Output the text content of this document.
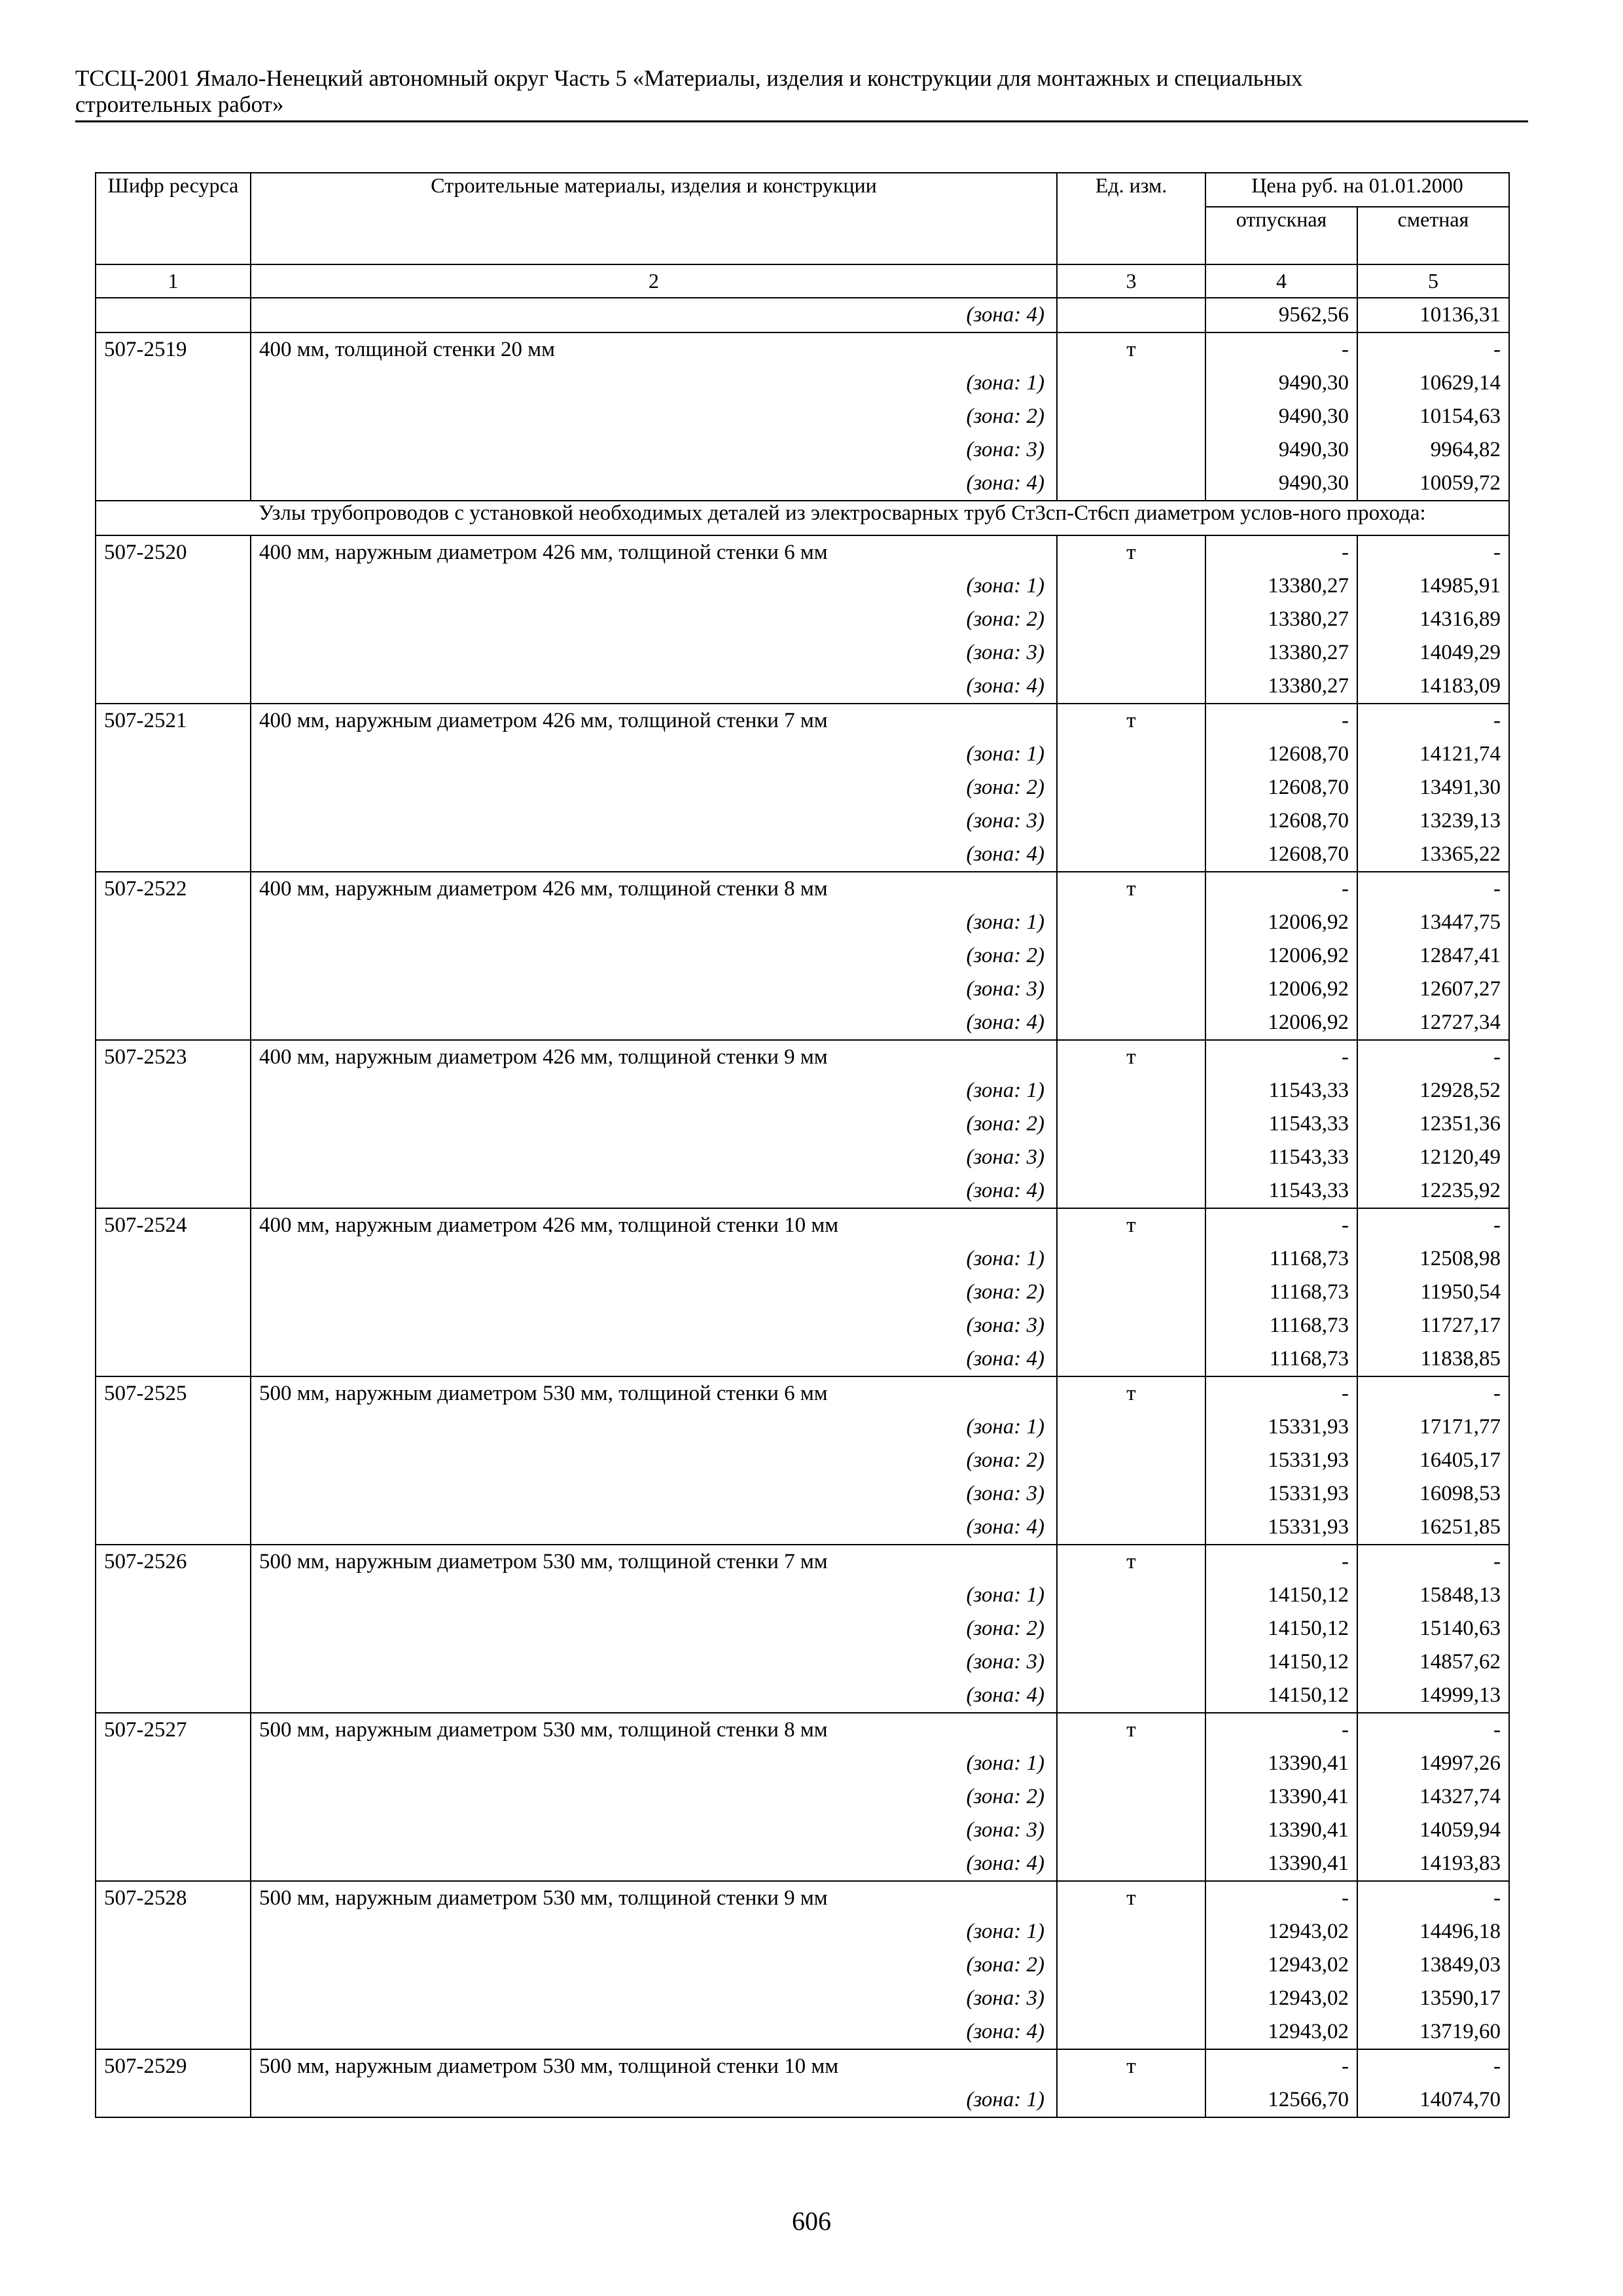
ТССЦ-2001 Ямало-Ненецкий автономный округ Часть 5 «Материалы, изделия и конструкции для монтажных и специальных
строительных работ»
Шифр ресурса	Строительные материалы, изделия и конструкции	Ед. изм.	Цена руб. на 01.01.2000	
			отпускная	сметная
1	2	3	4	5
	(зона: 4)		9562,56	10136,31
507-2519	400 мм, толщиной стенки 20 мм	т	-	-
	(зона: 1)		9490,30	10629,14
	(зона: 2)		9490,30	10154,63
	(зона: 3)		9490,30	9964,82
	(зона: 4)		9490,30	10059,72
	Узлы трубопроводов с установкой необходимых деталей из электросварных труб Ст3сп-Ст6сп диаметром услов-ного прохода:			
507-2520	400 мм, наружным диаметром 426 мм, толщиной стенки 6 мм	т	-	-
	(зона: 1)		13380,27	14985,91
	(зона: 2)		13380,27	14316,89
	(зона: 3)		13380,27	14049,29
	(зона: 4)		13380,27	14183,09
507-2521	400 мм, наружным диаметром 426 мм, толщиной стенки 7 мм	т	-	-
	(зона: 1)		12608,70	14121,74
	(зона: 2)		12608,70	13491,30
	(зона: 3)		12608,70	13239,13
	(зона: 4)		12608,70	13365,22
507-2522	400 мм, наружным диаметром 426 мм, толщиной стенки 8 мм	т	-	-
	(зона: 1)		12006,92	13447,75
	(зона: 2)		12006,92	12847,41
	(зона: 3)		12006,92	12607,27
	(зона: 4)		12006,92	12727,34
507-2523	400 мм, наружным диаметром 426 мм, толщиной стенки 9 мм	т	-	-
	(зона: 1)		11543,33	12928,52
	(зона: 2)		11543,33	12351,36
	(зона: 3)		11543,33	12120,49
	(зона: 4)		11543,33	12235,92
507-2524	400 мм, наружным диаметром 426 мм, толщиной стенки 10 мм	т	-	-
	(зона: 1)		11168,73	12508,98
	(зона: 2)		11168,73	11950,54
	(зона: 3)		11168,73	11727,17
	(зона: 4)		11168,73	11838,85
507-2525	500 мм, наружным диаметром 530 мм, толщиной стенки 6 мм	т	-	-
	(зона: 1)		15331,93	17171,77
	(зона: 2)		15331,93	16405,17
	(зона: 3)		15331,93	16098,53
	(зона: 4)		15331,93	16251,85
507-2526	500 мм, наружным диаметром 530 мм, толщиной стенки 7 мм	т	-	-
	(зона: 1)		14150,12	15848,13
	(зона: 2)		14150,12	15140,63
	(зона: 3)		14150,12	14857,62
	(зона: 4)		14150,12	14999,13
507-2527	500 мм, наружным диаметром 530 мм, толщиной стенки 8 мм	т	-	-
	(зона: 1)		13390,41	14997,26
	(зона: 2)		13390,41	14327,74
	(зона: 3)		13390,41	14059,94
	(зона: 4)		13390,41	14193,83
507-2528	500 мм, наружным диаметром 530 мм, толщиной стенки 9 мм	т	-	-
	(зона: 1)		12943,02	14496,18
	(зона: 2)		12943,02	13849,03
	(зона: 3)		12943,02	13590,17
	(зона: 4)		12943,02	13719,60
507-2529	500 мм, наружным диаметром 530 мм, толщиной стенки 10 мм	т	-	-
	(зона: 1)		12566,70	14074,70
606
